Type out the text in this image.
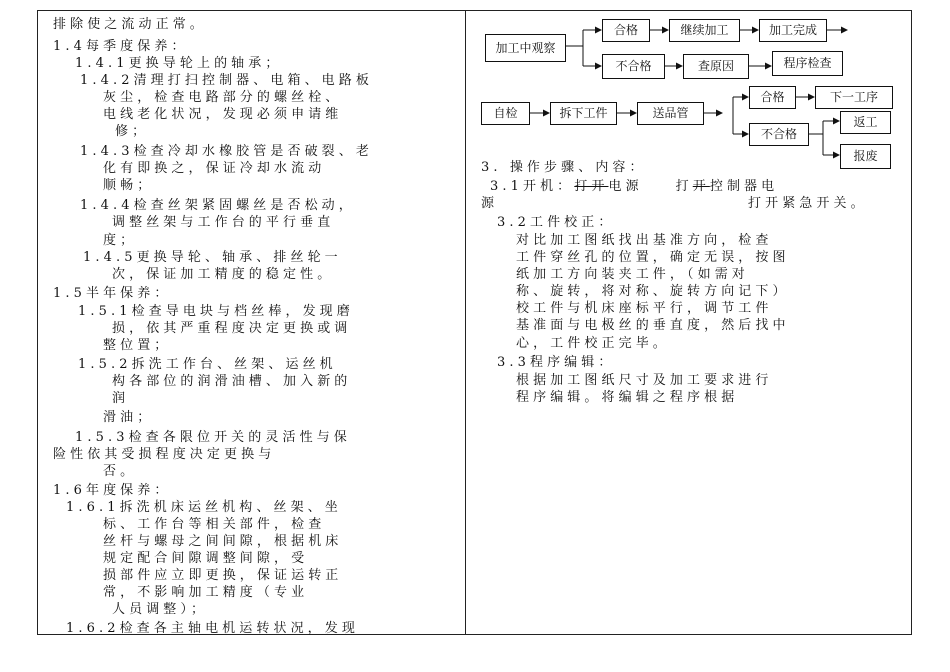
排除使之流动正常。
1.4每季度保养：
1.4.1更换导轮上的轴承；
1.4.2清理打扫控制器、电箱、电路板
灰尘，检查电路部分的螺丝栓、
电线老化状况，发现必须申请维
修；
1.4.3检查冷却水橡胶管是否破裂、老
化有即换之，保证冷却水流动
顺畅；
1.4.4检查丝架紧固螺丝是否松动，
调整丝架与工作台的平行垂直
度；
1.4.5更换导轮、轴承、排丝轮一
次，保证加工精度的稳定性。
1.5半年保养：
1.5.1检查导电块与档丝棒，发现磨
损，依其严重程度决定更换或调
整位置；
1.5.2拆洗工作台、丝架、运丝机
构各部位的润滑油槽、加入新的
润
滑油；
1.5.3检查各限位开关的灵活性与保
险性依其受损程度决定更换与
否。
1.6年度保养：
1.6.1拆洗机床运丝机构、丝架、坐
标、工作台等相关部件，检查
丝杆与螺母之间间隙，根据机床
规定配合间隙调整间隙，受
损部件应立即更换，保证运转正
常，不影响加工精度（专业
人员调整）；
1.6.2检查各主轴电机运转状况，发现
加工中观察
合格	继续加工	加工完成
不合格	查原因	程序检查
自检	拆下工件	送品管
合格	下一工序
不合格
返工
报废
3. 操作步骤、内容：
3.1开机：打开电源	打开控制器电
源	打开紧急开关。
3.2工件校正：
对比加工图纸找出基准方向，检查
工件穿丝孔的位置，确定无误，按图
纸加工方向装夹工件，（如需对
称、旋转，将对称、旋转方向记下）
校工件与机床座标平行，调节工件
基准面与电极丝的垂直度，然后找中
心，工件校正完毕。
3.3程序编辑：
根据加工图纸尺寸及加工要求进行
程序编辑。将编辑之程序根据
